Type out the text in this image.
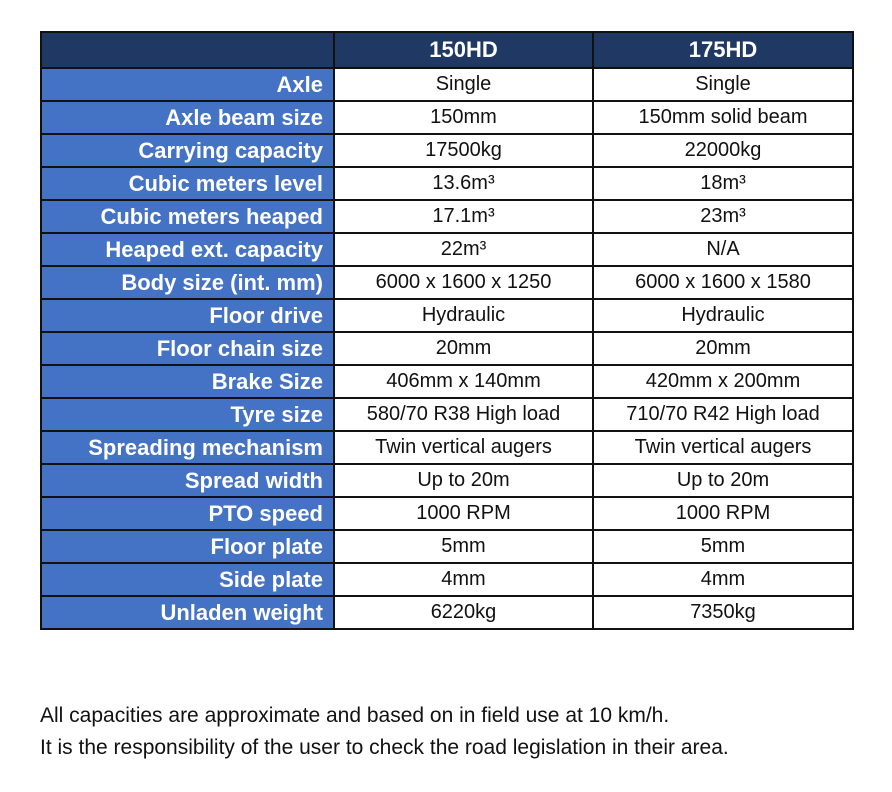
	150HD	175HD
Axle	Single	Single
Axle beam size	150mm	150mm solid beam
Carrying capacity	17500kg	22000kg
Cubic meters level	13.6m³	18m³
Cubic meters heaped	17.1m³	23m³
Heaped ext. capacity	22m³	N/A
Body size (int. mm)	6000 x 1600 x 1250	6000 x 1600 x 1580
Floor drive	Hydraulic	Hydraulic
Floor chain size	20mm	20mm
Brake Size	406mm x 140mm	420mm x 200mm
Tyre size	580/70 R38 High load	710/70 R42 High load
Spreading mechanism	Twin vertical augers	Twin vertical augers
Spread width	Up to 20m	Up to 20m
PTO speed	1000 RPM	1000 RPM
Floor plate	5mm	5mm
Side plate	4mm	4mm
Unladen weight	6220kg	7350kg

All capacities are approximate and based on in field use at 10 km/h.

It is the responsibility of the user to check the road legislation in their area.
